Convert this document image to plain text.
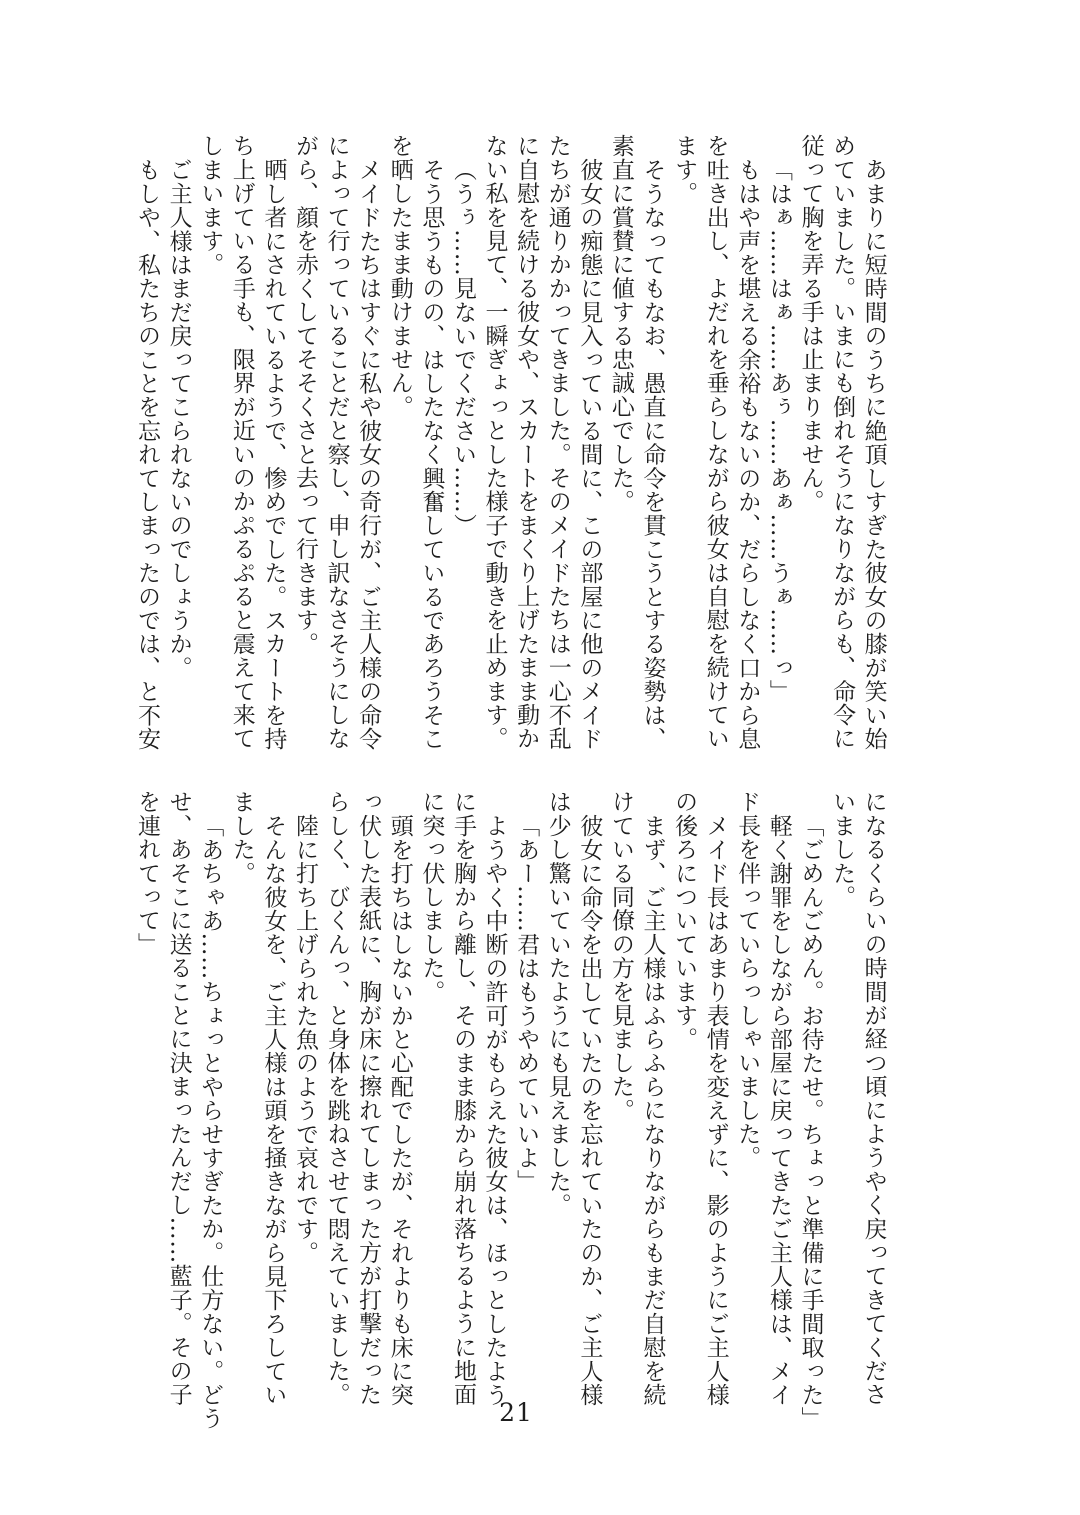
あまりに短時間のうちに絶頂しすぎた彼女の膝が笑い始
めていました。いまにも倒れそうになりながらも、命令に
従って胸を弄る手は止まりません。
「はぁ……はぁ……あぅ……あぁ……うぁ……っ」
もはや声を堪える余裕もないのか、だらしなく口から息
を吐き出し、よだれを垂らしながら彼女は自慰を続けてい
ます。
そうなってもなお、愚直に命令を貫こうとする姿勢は、
素直に賞賛に値する忠誠心でした。
彼女の痴態に見入っている間に、この部屋に他のメイド
たちが通りかかってきました。そのメイドたちは一心不乱
に自慰を続ける彼女や、スカートをまくり上げたまま動か
ない私を見て、一瞬ぎょっとした様子で動きを止めます。
（うぅ……見ないでください……）
そう思うものの、はしたなく興奮しているであろうそこ
を晒したまま動けません。
メイドたちはすぐに私や彼女の奇行が、ご主人様の命令
によって行っていることだと察し、申し訳なさそうにしな
がら、顔を赤くしてそそくさと去って行きます。
晒し者にされているようで、惨めでした。スカートを持
ち上げている手も、限界が近いのかぷるぷると震えて来て
しまいます。
ご主人様はまだ戻ってこられないのでしょうか。
もしや、私たちのことを忘れてしまったのでは、と不安
になるくらいの時間が経つ頃にようやく戻ってきてくださ
いました。
「ごめんごめん。お待たせ。ちょっと準備に手間取った」
軽く謝罪をしながら部屋に戻ってきたご主人様は、メイ
ド長を伴っていらっしゃいました。
メイド長はあまり表情を変えずに、影のようにご主人様
の後ろについています。
まず、ご主人様はふらふらになりながらもまだ自慰を続
けている同僚の方を見ました。
彼女に命令を出していたのを忘れていたのか、ご主人様
は少し驚いていたようにも見えました。
「あー……君はもうやめていいよ」
ようやく中断の許可がもらえた彼女は、ほっとしたよう
に手を胸から離し、そのまま膝から崩れ落ちるように地面
に突っ伏しました。
頭を打ちはしないかと心配でしたが、それよりも床に突
っ伏した表紙に、胸が床に擦れてしまった方が打撃だった
らしく、びくんっ、と身体を跳ねさせて悶えていました。
陸に打ち上げられた魚のようで哀れです。
そんな彼女を、ご主人様は頭を掻きながら見下ろしてい
ました。
「あちゃあ……ちょっとやらせすぎたか。仕方ない。どう
せ、あそこに送ることに決まったんだし……藍子。その子
を連れてって」
21
